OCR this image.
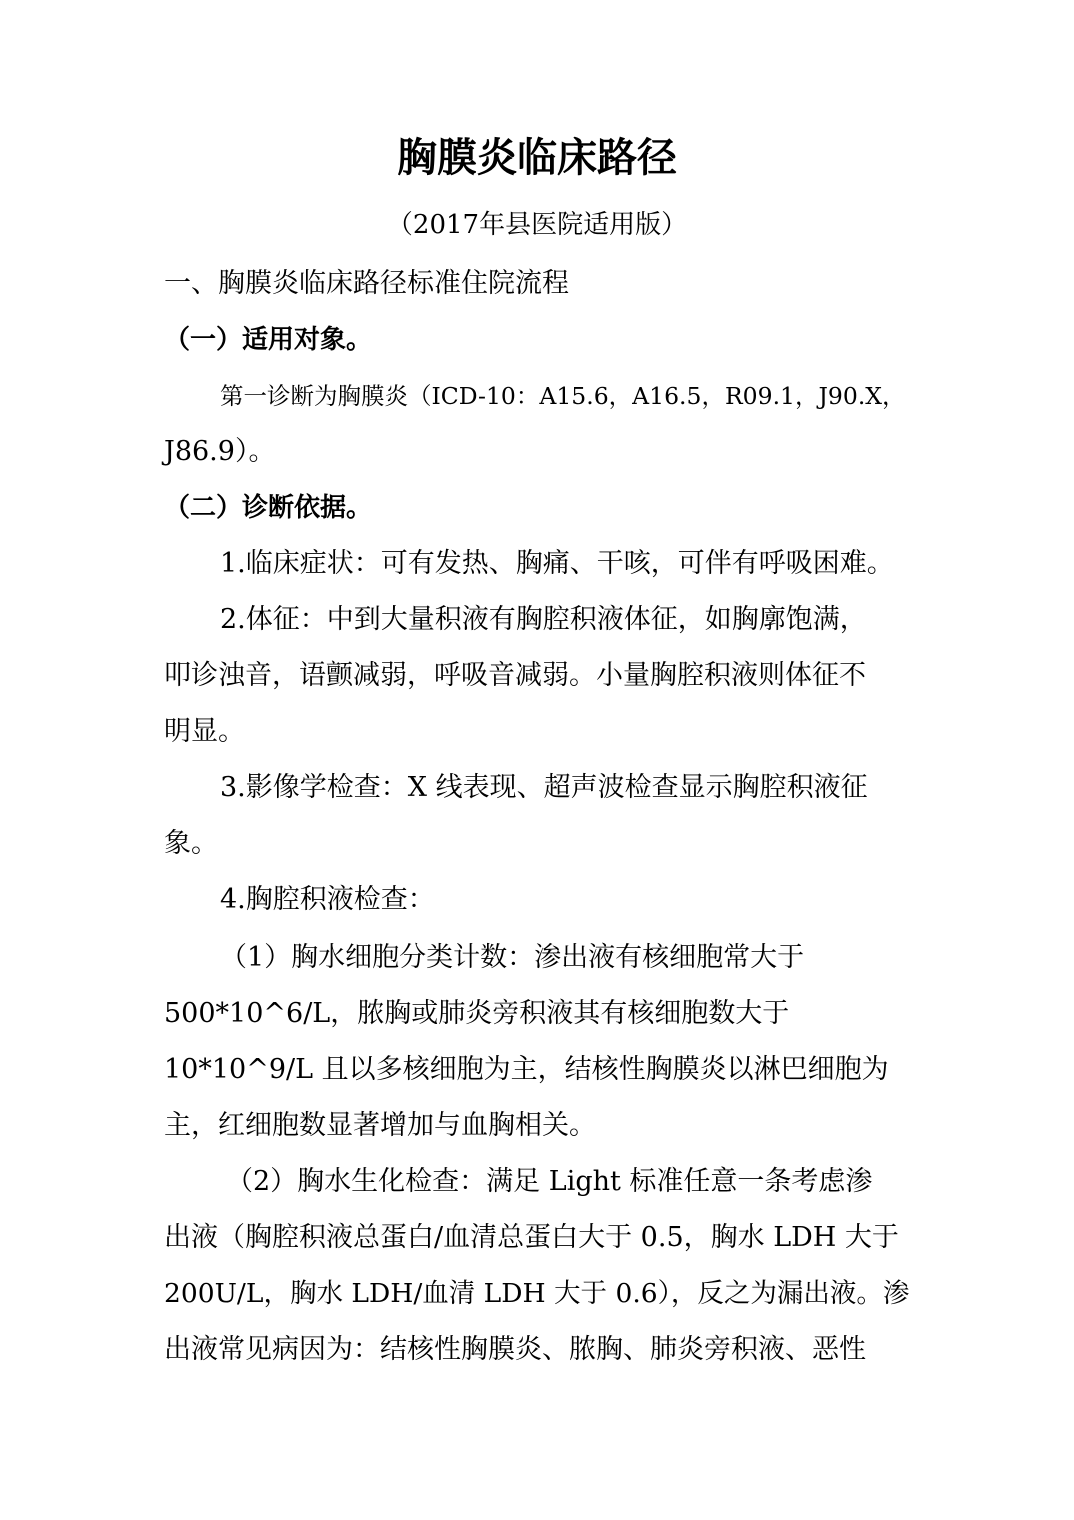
胸膜炎临床路径
（2017年县医院适用版）
一、胸膜炎临床路径标准住院流程
（一）适用对象。
第一诊断为胸膜炎（ICD-10：A15.6，A16.5，R09.1，J90.X，
J86.9）。
（二）诊断依据。
1.临床症状：可有发热、胸痛、干咳，可伴有呼吸困难。
2.体征：中到大量积液有胸腔积液体征，如胸廓饱满，
叩诊浊音，语颤减弱，呼吸音减弱。小量胸腔积液则体征不
明显。
3.影像学检查：X 线表现、超声波检查显示胸腔积液征
象。
4.胸腔积液检查：
（1）胸水细胞分类计数：渗出液有核细胞常大于
500*10^6/L，脓胸或肺炎旁积液其有核细胞数大于
10*10^9/L 且以多核细胞为主，结核性胸膜炎以淋巴细胞为
主，红细胞数显著增加与血胸相关。
（2）胸水生化检查：满足 Light 标准任意一条考虑渗
出液（胸腔积液总蛋白/血清总蛋白大于 0.5，胸水 LDH 大于
200U/L，胸水 LDH/血清 LDH 大于 0.6），反之为漏出液。渗
出液常见病因为：结核性胸膜炎、脓胸、肺炎旁积液、恶性
